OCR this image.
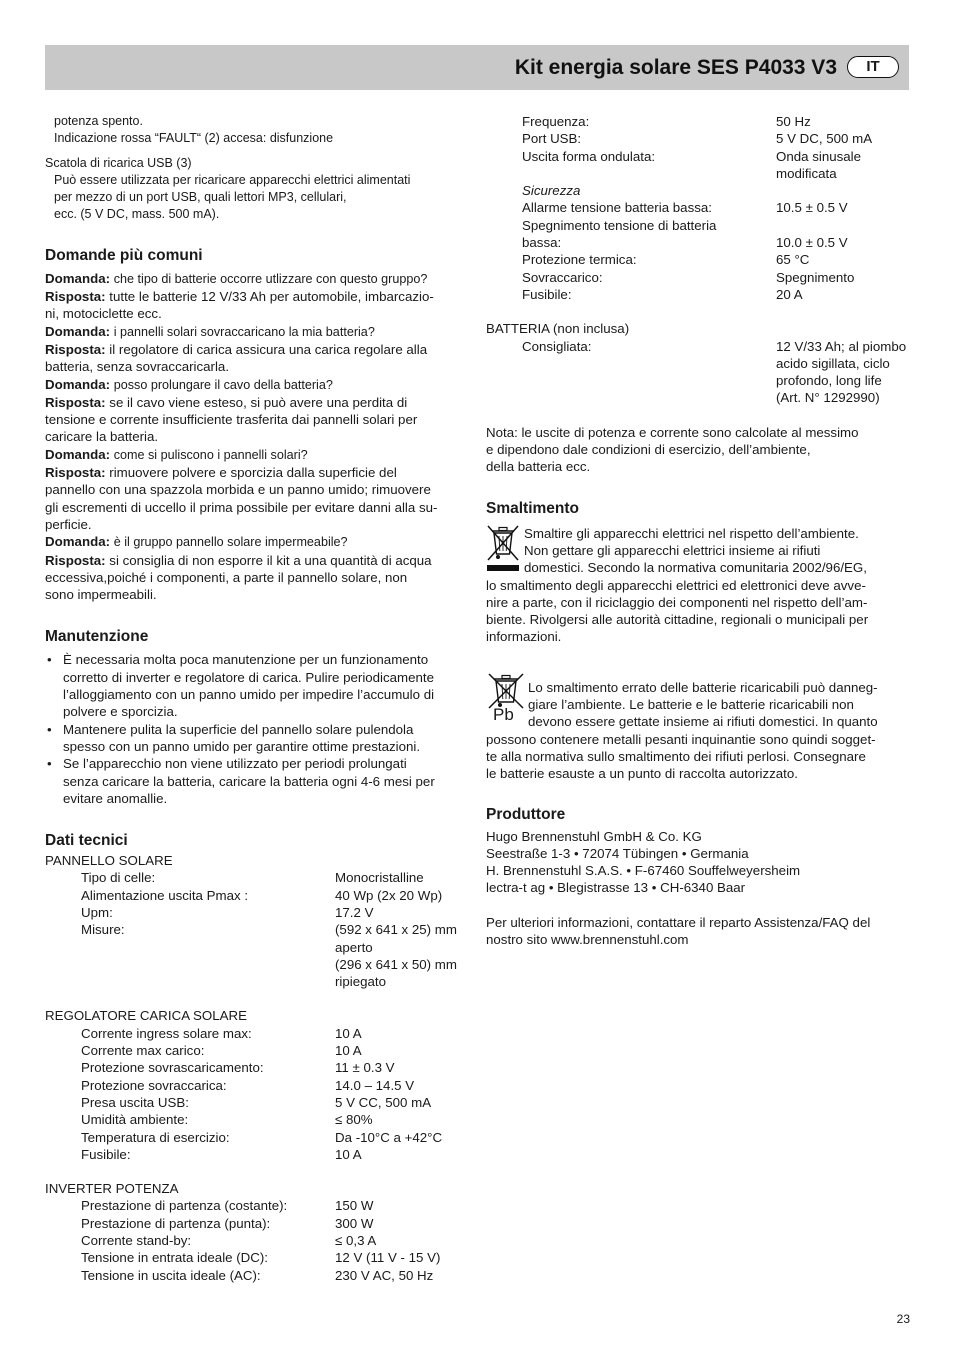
Kit energia solare SES P4033 V3	IT

potenza spento.

Indicazione rossa “FAULT“ (2) accesa: disfunzione

Scatola di ricarica USB (3)

Può essere utilizzata per ricaricare apparecchi elettrici alimentati

per mezzo di un port USB, quali lettori MP3, cellulari,

ecc. (5 V DC, mass. 500 mA).

Domande più comuni

Domanda: che tipo di batterie occorre utlizzare con questo gruppo?

Risposta: tutte le batterie 12 V/33 Ah per automobile, imbarcazio-

ni, motociclette ecc.

Domanda: i pannelli solari sovraccaricano la mia batteria?

Risposta: il regolatore di carica assicura una carica regolare alla

batteria, senza sovraccaricarla.

Domanda: posso prolungare il cavo della batteria?

Risposta: se il cavo viene esteso, si può avere una perdita di

tensione e corrente insufficiente trasferita dai pannelli solari per

caricare la batteria.

Domanda: come si puliscono i pannelli solari?

Risposta: rimuovere polvere e sporcizia dalla superficie del

pannello con una spazzola morbida e un panno umido; rimuovere

gli escrementi di uccello il prima possibile per evitare danni alla su-

perficie.

Domanda: è il gruppo pannello solare impermeabile?

Risposta: si consiglia di non esporre il kit a una quantità di acqua

eccessiva,poiché i componenti, a parte il pannello solare, non

sono impermeabili.

Manutenzione

• È necessaria molta poca manutenzione per un funzionamento
corretto di inverter e regolatore di carica. Pulire periodicamente
l’alloggiamento con un panno umido per impedire l’accumulo di
polvere e sporcizia.
• Mantenere pulita la superficie del pannello solare pulendola
spesso con un panno umido per garantire ottime prestazioni.
• Se l’apparecchio non viene utilizzato per periodi prolungati
senza caricare la batteria, caricare la batteria ogni 4-6 mesi per
evitare anomallie.

Dati tecnici

PANNELLO SOLARE

Tipo di celle:	Monocristalline
Alimentazione uscita Pmax :	40 Wp (2x 20 Wp)
Upm:	17.2 V
Misure:	(592 x 641 x 25) mm
aperto
(296 x 641 x 50) mm
ripiegato

REGOLATORE CARICA SOLARE

Corrente ingress solare max:	10 A
Corrente max carico:	10 A
Protezione sovrascaricamento:	11 ± 0.3 V
Protezione sovraccarica:	14.0 – 14.5 V
Presa uscita USB:	5 V CC, 500 mA
Umidità ambiente:	≤ 80%
Temperatura di esercizio:	Da -10°C a +42°C
Fusibile:	10 A

INVERTER POTENZA

Prestazione di partenza (costante):	150 W
Prestazione di partenza (punta):	300 W
Corrente stand-by:	≤ 0,3 A
Tensione in entrata ideale (DC):	12 V (11 V - 15 V)
Tensione in uscita ideale (AC):	230 V AC, 50 Hz
Frequenza:	50 Hz
Port USB:	5 V DC, 500 mA
Uscita forma ondulata:	Onda sinusale modificata
Sicurezza	
Allarme tensione batteria bassa:	10.5 ± 0.5 V

Spegnimento tensione di batteria
bassa:	10.0 ± 0.5 V

Protezione termica:	65 °C
Sovraccarico:	Spegnimento
Fusibile:	20 A

BATTERIA (non inclusa)

Consigliata:	12 V/33 Ah; al piombo
acido sigillata, ciclo
profondo, long life
(Art. N° 1292990)

Nota: le uscite di potenza e corrente sono calcolate al messimo

e dipendono dale condizioni di esercizio, dell’ambiente,

della batteria ecc.

Smaltimento

Smaltire gli apparecchi elettrici nel rispetto dell’ambiente.

Non gettare gli apparecchi elettrici insieme ai rifiuti

domestici. Secondo la normativa comunitaria 2002/96/EG,

lo smaltimento degli apparecchi elettrici ed elettronici deve avve-

nire a parte, con il riciclaggio dei componenti nel rispetto dell’am-

biente. Rivolgersi alle autorità cittadine, regionali o municipali per

informazioni.

Pb

Lo smaltimento errato delle batterie ricaricabili può danneg-

giare l’ambiente. Le batterie e le batterie ricaricabili non

devono essere gettate insieme ai rifiuti domestici. In quanto

possono contenere metalli pesanti inquinantie sono quindi sogget-

te alla normativa sullo smaltimento dei rifiuti perlosi. Consegnare

le batterie esauste a un punto di raccolta autorizzato.

Produttore

Hugo Brennenstuhl GmbH & Co. KG

Seestraße 1-3 • 72074 Tübingen • Germania

H. Brennenstuhl S.A.S. • F-67460 Souffelweyersheim

lectra-t ag • Blegistrasse 13 • CH-6340 Baar

Per ulteriori informazioni, contattare il reparto Assistenza/FAQ del

nostro sito www.brennenstuhl.com

23
